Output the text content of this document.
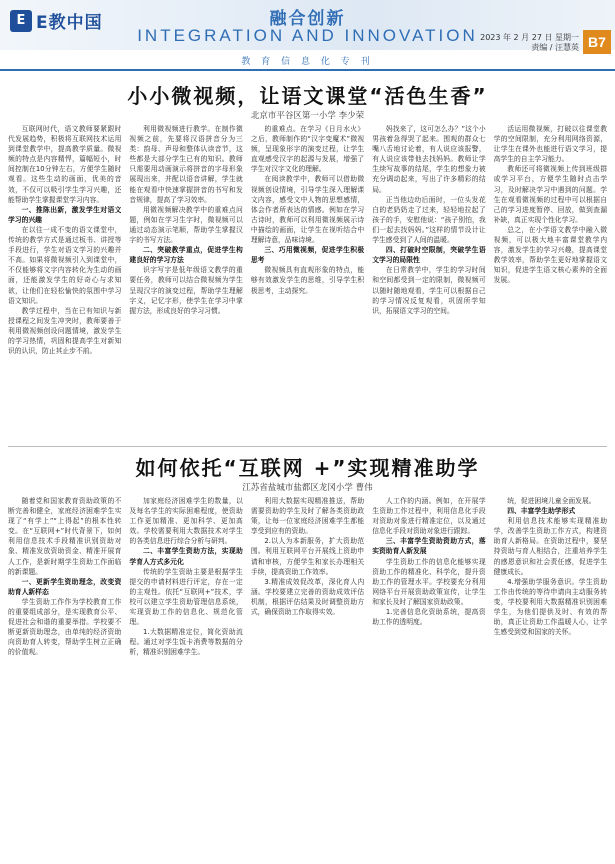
E E教中国	融合创新
INTEGRATION AND INNOVATION 2023 年 2 月 27 日 星期一
责编 / 汪慧英 B7
教 育 信 息 化 专 刊
小小微视频，让语文课堂“活色生香”
北京市平谷区第一小学 李少荣

互联网时代，语文教师要紧跟时代发展趋势，积极将互联网技术运用到课堂教学中，提高教学质量。微视频的特点是内容精悍，篇幅短小，时间控制在10分钟左右，方便学生随时观看。这些生动的画面，优美的音效，不仅可以吸引学生学习兴趣，还能帮助学生掌握课堂学习内容。

一、推陈出新，激发学生对语文学习的兴趣

在以往一成不变的语文课堂中，传统的教学方式是通过板书、讲授等手段进行，学生对语文学习的兴趣并不高。如果将微视频引入到课堂中，不仅能够将文字内容转化为生动的画面，还能激发学生的好奇心与求知欲，让他们在轻松愉快的氛围中学习语文知识。

教学过程中，当在已有知识与新授课程之间发生冲突时，教师要善于利用微视频创设问题情境，激发学生的学习热情，巩固和提高学生对新知识的认识，防止其止步不前。

利用微视频进行教学。在制作微视频之前，先要将汉语拼音分为三类：韵母、声母和整体认读音节，这些都是大部分学生已有的知识。教师只需要用动画演示将拼音的字母形象展现出来，并配以语音讲解，学生就能在观看中快速掌握拼音的书写和发音规律，提高了学习效率。

用微视频解决教学中的重难点问题，例如在学习生字时，微视频可以通过动态演示笔顺，帮助学生掌握汉字的书写方法。

二、突破教学重点，促进学生构建良好的学习方法

识字写字是低年级语文教学的重要任务，教师可以结合微视频为学生呈现汉字的演变过程，帮助学生理解字义，记忆字形，使学生在学习中掌握方法，形成良好的学习习惯。

的重难点。在学习《日月水火》之后，教师制作的“汉字变魔术”微视频，呈现象形字的演变过程，让学生直观感受汉字的起源与发展，增强了学生对汉字文化的理解。

在阅读教学中，教师可以借助微视频创设情境，引导学生深入理解课文内容，感受文中人物的思想感情，体会作者所表达的情感。例如在学习古诗时，教师可以利用微视频展示诗中描绘的画面，让学生在视听结合中理解诗意，品味诗境。

三、巧用微视频，促进学生积极思考

微视频具有直观形象的特点，能够有效激发学生的思维，引导学生积极思考，主动探究。

妈找来了，这可怎么办？”这个小男孩着急得哭了起来。围观的群众七嘴八舌地讨论着，有人说应该报警，有人说应该带他去找妈妈。教师让学生续写故事的结尾，学生的想象力被充分调动起来，写出了许多精彩的结局。

正当他边幼后面时，一位头发花白的老奶奶走了过来，轻轻地拉起了孩子的手，安慰他说：“孩子别怕，我们一起去找妈妈。”这样的情节设计让学生感受到了人间的温暖。

四、打破时空限制，突破学生语文学习的局限性

在日常教学中，学生的学习时间和空间都受到一定的限制，微视频可以随时随地观看，学生可以根据自己的学习情况反复观看，巩固所学知识，拓展语文学习的空间。

活运用微视频，打破以往课堂教学的空间限制，充分利用网络资源，让学生在课外也能进行语文学习，提高学生的自主学习能力。

教师还可将微视频上传到班级群或学习平台，方便学生随时点击学习，及时解决学习中遇到的问题。学生在观看微视频的过程中可以根据自己的学习进度暂停、回放，做到查漏补缺，真正实现个性化学习。

总之，在小学语文教学中融入微视频，可以极大地丰富课堂教学内容，激发学生的学习兴趣，提高课堂教学效率，帮助学生更好地掌握语文知识，促进学生语文核心素养的全面发展。

如何依托“互联网 +”实现精准助学
江苏省盐城市盐都区龙冈小学 曹伟

随着党和国家教育资助政策的不断完善和健全，家庭经济困难学生实现了“有学上”“上得起”的根本性转变。在“互联网+”时代背景下，如何利用信息技术手段精准识别资助对象、精准发放资助资金、精准开展育人工作，是新时期学生资助工作面临的新课题。

一、更新学生资助理念，改变资助育人新样态

学生资助工作作为学校教育工作的重要组成部分，是实现教育公平、促进社会和谐的重要举措。学校要不断更新资助理念，由单纯的经济资助向资助育人转变，帮助学生树立正确的价值观。

加家庭经济困难学生的数量，以及每名学生的实际困难程度，使资助工作更加精准、更加科学、更加高效。学校需要利用大数据技术对学生的各类信息进行综合分析与研判。

二、丰富学生资助方法，实现助学育人方式多元化

传统的学生资助主要是根据学生提交的申请材料进行评定，存在一定的主观性。依托“互联网+”技术，学校可以建立学生资助管理信息系统，实现资助工作的信息化、规范化管理。

1.大数据精准定位，简化资助流程。通过对学生饭卡消费等数据的分析，精准识别困难学生。

利用大数据实现精准推送，帮助需要资助的学生及时了解各类资助政策，让每一位家庭经济困难学生都能享受到应有的资助。

2.以人为本新服务，扩大资助范围。利用互联网平台开展线上资助申请和审核，方便学生和家长办理相关手续，提高资助工作效率。

3.精准成效促改革，深化育人内涵。学校要建立完善的资助成效评估机制，根据评估结果及时调整资助方式，确保资助工作取得实效。

人工作的内涵。例如，在开展学生资助工作过程中，利用信息化手段对资助对象进行精准定位，以及通过信息化手段对资助对象进行跟踪。

三、丰富学生资助资助方式，落实资助育人新发展

学生资助工作的信息化能够实现资助工作的精准化、科学化，提升资助工作的管理水平。学校要充分利用网络平台开展资助政策宣传，让学生和家长及时了解国家资助政策。

1.完善信息化资助系统，提高资助工作的透明度。

统，促进困境儿童全面发展。

四、丰富学生助学形式

利用信息技术能够实现精准助学，改善学生资助工作方式，构建资助育人新格局。在资助过程中，要坚持资助与育人相结合，注重培养学生的感恩意识和社会责任感，促进学生健康成长。

4.增强助学服务意识。学生资助工作由传统的等待申请向主动服务转变，学校要利用大数据精准识别困难学生，为他们提供及时、有效的帮助，真正让资助工作温暖人心，让学生感受到党和国家的关怀。
